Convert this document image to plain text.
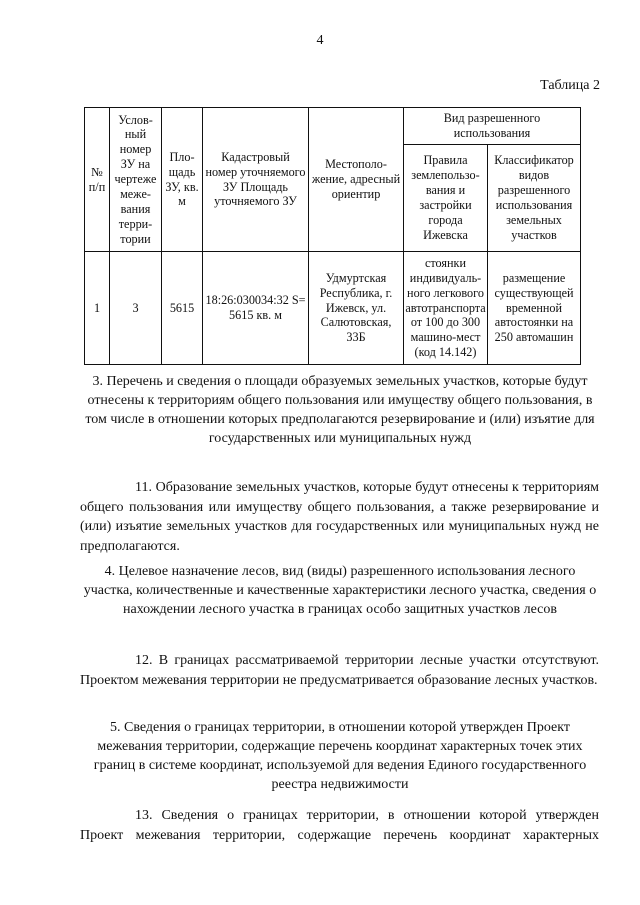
4
Таблица 2
№ п/п	Услов-ный номер ЗУ на чертеже меже-вания терри-тории	Пло-щадь ЗУ, кв. м	Кадастровый номер уточняемого ЗУ Площадь уточняемого ЗУ	Местополо-жение, адресный ориентир	Вид разрешенного использования	
					Правила землепользо-вания и застройки города Ижевска	Классификатор видов разрешенного использования земельных участков
1	3	5615	18:26:030034:32 S= 5615 кв. м	Удмуртская Республика, г. Ижевск, ул. Салютовская, 33Б	стоянки индивидуаль-ного легкового автотранспорта от 100 до 300 машино-мест (код 14.142)	размещение существующей временной автостоянки на 250 автомашин
3. Перечень и сведения о площади образуемых земельных участков, которые будут отнесены к территориям общего пользования или имуществу общего пользования, в том числе в отношении которых предполагаются резервирование и (или) изъятие для государственных или муниципальных нужд
11. Образование земельных участков, которые будут отнесены к территориям общего пользования или имуществу общего пользования, а также резервирование и (или) изъятие земельных участков для государственных или муниципальных нужд не предполагаются.
4. Целевое назначение лесов, вид (виды) разрешенного использования лесного участка, количественные и качественные характеристики лесного участка, сведения о нахождении лесного участка в границах особо защитных участков лесов
12. В границах рассматриваемой территории лесные участки отсутствуют. Проектом межевания территории не предусматривается образование лесных участков.
5. Сведения о границах территории, в отношении которой утвержден Проект межевания территории, содержащие перечень координат характерных точек этих границ в системе координат, используемой для ведения Единого государственного реестра недвижимости
13. Сведения о границах территории, в отношении которой утвержден Проект межевания территории, содержащие перечень координат характерных
